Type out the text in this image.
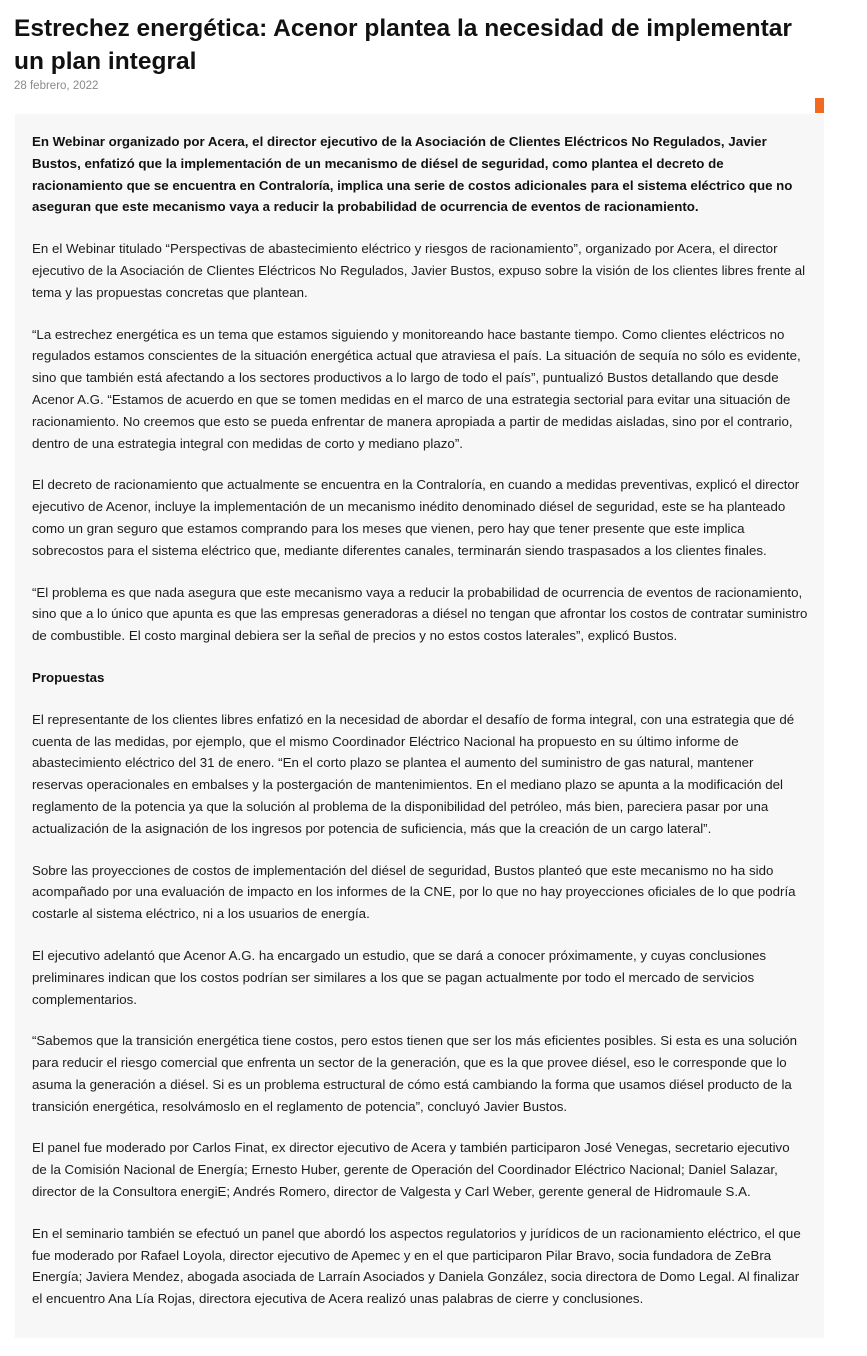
Estrechez energética: Acenor plantea la necesidad de implementar un plan integral
28 febrero, 2022

En Webinar organizado por Acera, el director ejecutivo de la Asociación de Clientes Eléctricos No Regulados, Javier Bustos, enfatizó que la implementación de un mecanismo de diésel de seguridad, como plantea el decreto de racionamiento que se encuentra en Contraloría, implica una serie de costos adicionales para el sistema eléctrico que no aseguran que este mecanismo vaya a reducir la probabilidad de ocurrencia de eventos de racionamiento.

En el Webinar titulado “Perspectivas de abastecimiento eléctrico y riesgos de racionamiento”, organizado por Acera, el director ejecutivo de la Asociación de Clientes Eléctricos No Regulados, Javier Bustos, expuso sobre la visión de los clientes libres frente al tema y las propuestas concretas que plantean.

“La estrechez energética es un tema que estamos siguiendo y monitoreando hace bastante tiempo. Como clientes eléctricos no regulados estamos conscientes de la situación energética actual que atraviesa el país. La situación de sequía no sólo es evidente, sino que también está afectando a los sectores productivos a lo largo de todo el país”, puntualizó Bustos detallando que desde Acenor A.G. “Estamos de acuerdo en que se tomen medidas en el marco de una estrategia sectorial para evitar una situación de racionamiento. No creemos que esto se pueda enfrentar de manera apropiada a partir de medidas aisladas, sino por el contrario, dentro de una estrategia integral con medidas de corto y mediano plazo”.

El decreto de racionamiento que actualmente se encuentra en la Contraloría, en cuando a medidas preventivas, explicó el director ejecutivo de Acenor, incluye la implementación de un mecanismo inédito denominado diésel de seguridad, este se ha planteado como un gran seguro que estamos comprando para los meses que vienen, pero hay que tener presente que este implica sobrecostos para el sistema eléctrico que, mediante diferentes canales, terminarán siendo traspasados a los clientes finales.

“El problema es que nada asegura que este mecanismo vaya a reducir la probabilidad de ocurrencia de eventos de racionamiento, sino que a lo único que apunta es que las empresas generadoras a diésel no tengan que afrontar los costos de contratar suministro de combustible. El costo marginal debiera ser la señal de precios y no estos costos laterales”, explicó Bustos.

Propuestas

El representante de los clientes libres enfatizó en la necesidad de abordar el desafío de forma integral, con una estrategia que dé cuenta de las medidas, por ejemplo, que el mismo Coordinador Eléctrico Nacional ha propuesto en su último informe de abastecimiento eléctrico del 31 de enero. “En el corto plazo se plantea el aumento del suministro de gas natural, mantener reservas operacionales en embalses y la postergación de mantenimientos. En el mediano plazo se apunta a la modificación del reglamento de la potencia ya que la solución al problema de la disponibilidad del petróleo, más bien, pareciera pasar por una actualización de la asignación de los ingresos por potencia de suficiencia, más que la creación de un cargo lateral”.

Sobre las proyecciones de costos de implementación del diésel de seguridad, Bustos planteó que este mecanismo no ha sido acompañado por una evaluación de impacto en los informes de la CNE, por lo que no hay proyecciones oficiales de lo que podría costarle al sistema eléctrico, ni a los usuarios de energía.

El ejecutivo adelantó que Acenor A.G. ha encargado un estudio, que se dará a conocer próximamente, y cuyas conclusiones preliminares indican que los costos podrían ser similares a los que se pagan actualmente por todo el mercado de servicios complementarios.

“Sabemos que la transición energética tiene costos, pero estos tienen que ser los más eficientes posibles. Si esta es una solución para reducir el riesgo comercial que enfrenta un sector de la generación, que es la que provee diésel, eso le corresponde que lo asuma la generación a diésel. Si es un problema estructural de cómo está cambiando la forma que usamos diésel producto de la transición energética, resolvámoslo en el reglamento de potencia”, concluyó Javier Bustos.

El panel fue moderado por Carlos Finat, ex director ejecutivo de Acera y también participaron José Venegas, secretario ejecutivo de la Comisión Nacional de Energía; Ernesto Huber, gerente de Operación del Coordinador Eléctrico Nacional; Daniel Salazar, director de la Consultora energiE; Andrés Romero, director de Valgesta y Carl Weber, gerente general de Hidromaule S.A.

En el seminario también se efectuó un panel que abordó los aspectos regulatorios y jurídicos de un racionamiento eléctrico, el que fue moderado por Rafael Loyola, director ejecutivo de Apemec y en el que participaron Pilar Bravo, socia fundadora de ZeBra Energía; Javiera Mendez, abogada asociada de Larraín Asociados y Daniela González, socia directora de Domo Legal. Al finalizar el encuentro Ana Lía Rojas, directora ejecutiva de Acera realizó unas palabras de cierre y conclusiones.
